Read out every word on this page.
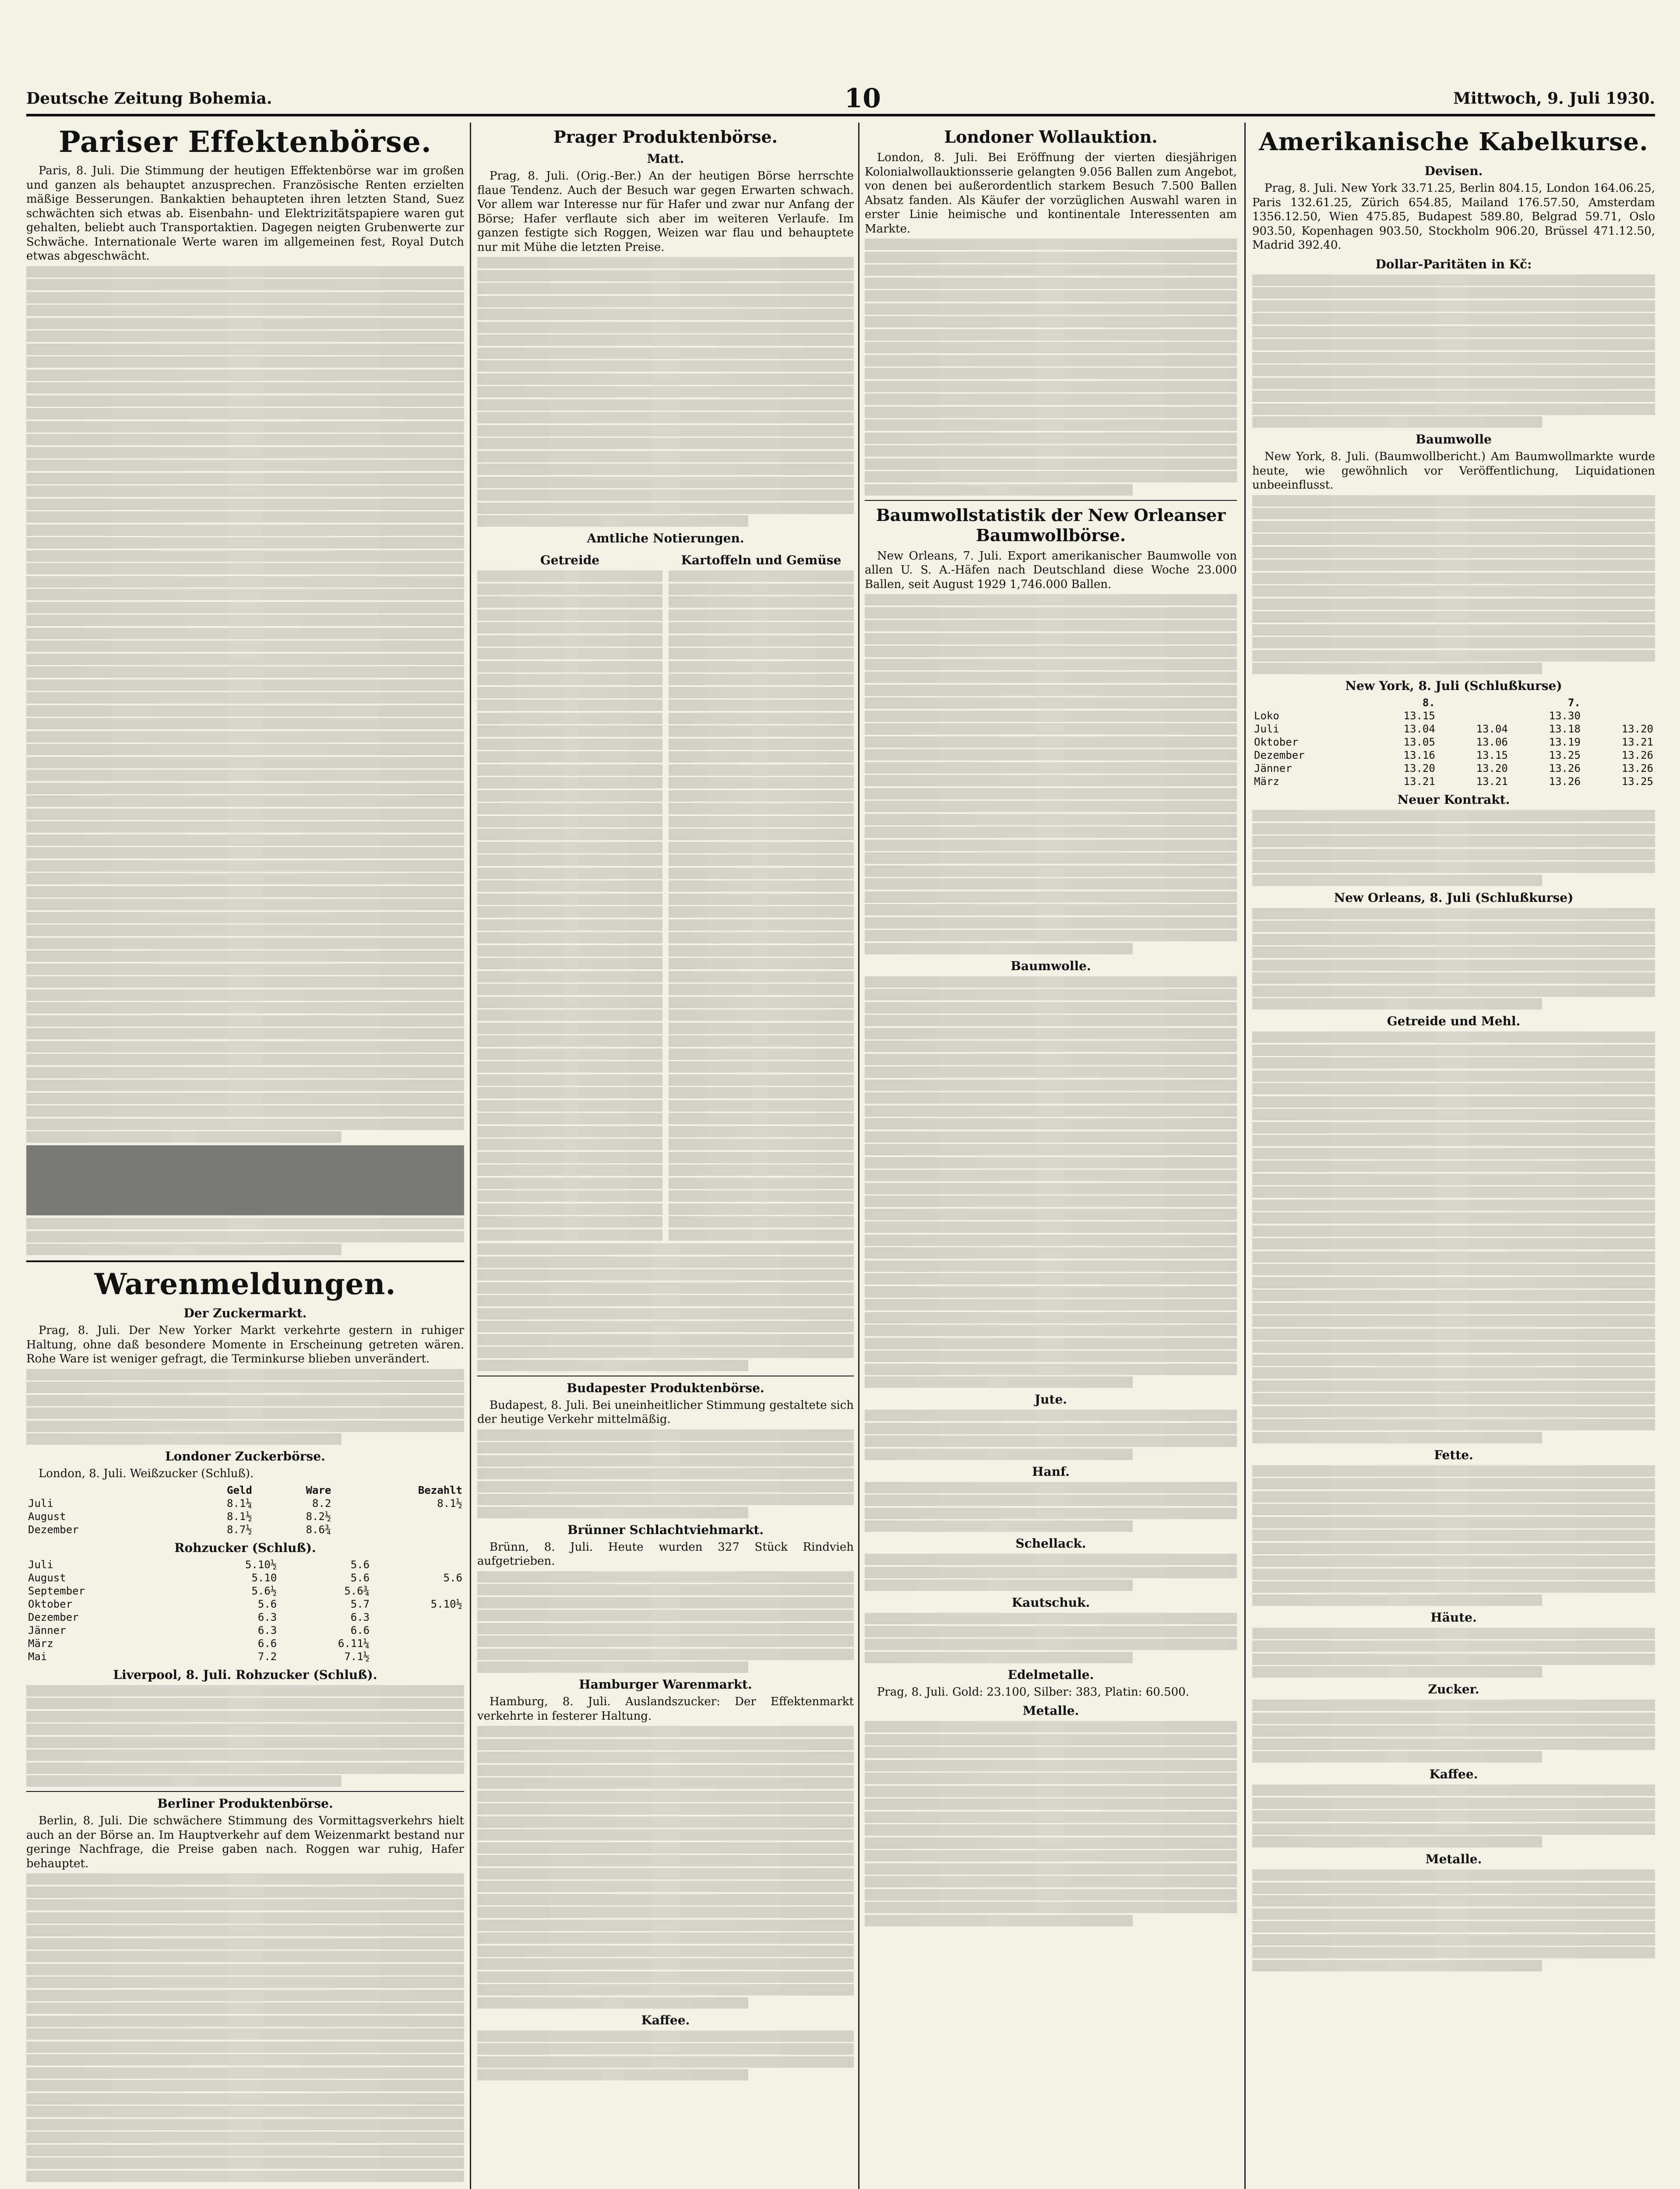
Deutsche Zeitung Bohemia.	10	Mittwoch, 9. Juli 1930.
Pariser Effektenbörse.

Paris, 8. Juli. Die Stimmung der heutigen Effektenbörse war im großen und ganzen als behauptet anzusprechen. Französische Renten erzielten mäßige Besserungen. Bankaktien behaupteten ihren letzten Stand, Suez schwächten sich etwas ab. Eisenbahn- und Elektrizitätspapiere waren gut gehalten, beliebt auch Transportaktien. Dagegen neigten Grubenwerte zur Schwäche. Internationale Werte waren im allgemeinen fest, Royal Dutch etwas abgeschwächt.

Warenmeldungen.
Der Zuckermarkt.

Prag, 8. Juli. Der New Yorker Markt verkehrte gestern in ruhiger Haltung, ohne daß besondere Momente in Erscheinung getreten wären. Rohe Ware ist weniger gefragt, die Terminkurse blieben unverändert.

Londoner Zuckerbörse.

London, 8. Juli. Weißzucker (Schluß).

	Geld	Ware	Bezahlt
Juli	8.1¼	8.2	8.1½
August	8.1½	8.2½	
Dezember	8.7½	8.6¾	
Rohzucker (Schluß).
Juli	5.10½	5.6	
August	5.10	5.6	5.6
September	5.6½	5.6¾	
Oktober	5.6	5.7	5.10½
Dezember	6.3	6.3	
Jänner	6.3	6.6	
März	6.6	6.11¼	
Mai	7.2	7.1½	
Liverpool, 8. Juli. Rohzucker (Schluß).
Berliner Produktenbörse.

Berlin, 8. Juli. Die schwächere Stimmung des Vormittagsverkehrs hielt auch an der Börse an. Im Hauptverkehr auf dem Weizenmarkt bestand nur geringe Nachfrage, die Preise gaben nach. Roggen war ruhig, Hafer behauptet.

Prager Produktenbörse.
Matt.

Prag, 8. Juli. (Orig.-Ber.) An der heutigen Börse herrschte flaue Tendenz. Auch der Besuch war gegen Erwarten schwach. Vor allem war Interesse nur für Hafer und zwar nur Anfang der Börse; Hafer verflaute sich aber im weiteren Verlaufe. Im ganzen festigte sich Roggen, Weizen war flau und behauptete nur mit Mühe die letzten Preise.

Amtliche Notierungen.
Getreide	Kartoffeln und Gemüse
Budapester Produktenbörse.

Budapest, 8. Juli. Bei uneinheitlicher Stimmung gestaltete sich der heutige Verkehr mittelmäßig.

Brünner Schlachtviehmarkt.

Brünn, 8. Juli. Heute wurden 327 Stück Rindvieh aufgetrieben.

Hamburger Warenmarkt.

Hamburg, 8. Juli. Auslandszucker: Der Effektenmarkt verkehrte in festerer Haltung.

Kaffee.
Londoner Wollauktion.

London, 8. Juli. Bei Eröffnung der vierten diesjährigen Kolonialwollauktionsserie gelangten 9.056 Ballen zum Angebot, von denen bei außerordentlich starkem Besuch 7.500 Ballen Absatz fanden. Als Käufer der vorzüglichen Auswahl waren in erster Linie heimische und kontinentale Interessenten am Markte.

Baumwollstatistik der New Orleanser Baumwollbörse.

New Orleans, 7. Juli. Export amerikanischer Baumwolle von allen U. S. A.-Häfen nach Deutschland diese Woche 23.000 Ballen, seit August 1929 1,746.000 Ballen.

Baumwolle.
Jute.
Hanf.
Schellack.
Kautschuk.
Edelmetalle.

Prag, 8. Juli. Gold: 23.100, Silber: 383, Platin: 60.500.

Metalle.
Amerikanische Kabelkurse.
Devisen.

Prag, 8. Juli. New York 33.71.25, Berlin 804.15, London 164.06.25, Paris 132.61.25, Zürich 654.85, Mailand 176.57.50, Amsterdam 1356.12.50, Wien 475.85, Budapest 589.80, Belgrad 59.71, Oslo 903.50, Kopenhagen 903.50, Stockholm 906.20, Brüssel 471.12.50, Madrid 392.40.

Dollar-Paritäten in Kč:
Baumwolle

New York, 8. Juli. (Baumwollbericht.) Am Baumwollmarkte wurde heute, wie gewöhnlich vor Veröffentlichung, Liquidationen unbeeinflusst.

New York, 8. Juli (Schlußkurse)
	8.		7.	
Loko	13.15		13.30	
Juli	13.04	13.04	13.18	13.20
Oktober	13.05	13.06	13.19	13.21
Dezember	13.16	13.15	13.25	13.26
Jänner	13.20	13.20	13.26	13.26
März	13.21	13.21	13.26	13.25
Neuer Kontrakt.
New Orleans, 8. Juli (Schlußkurse)
Getreide und Mehl.
Fette.
Häute.
Zucker.
Kaffee.
Metalle.
